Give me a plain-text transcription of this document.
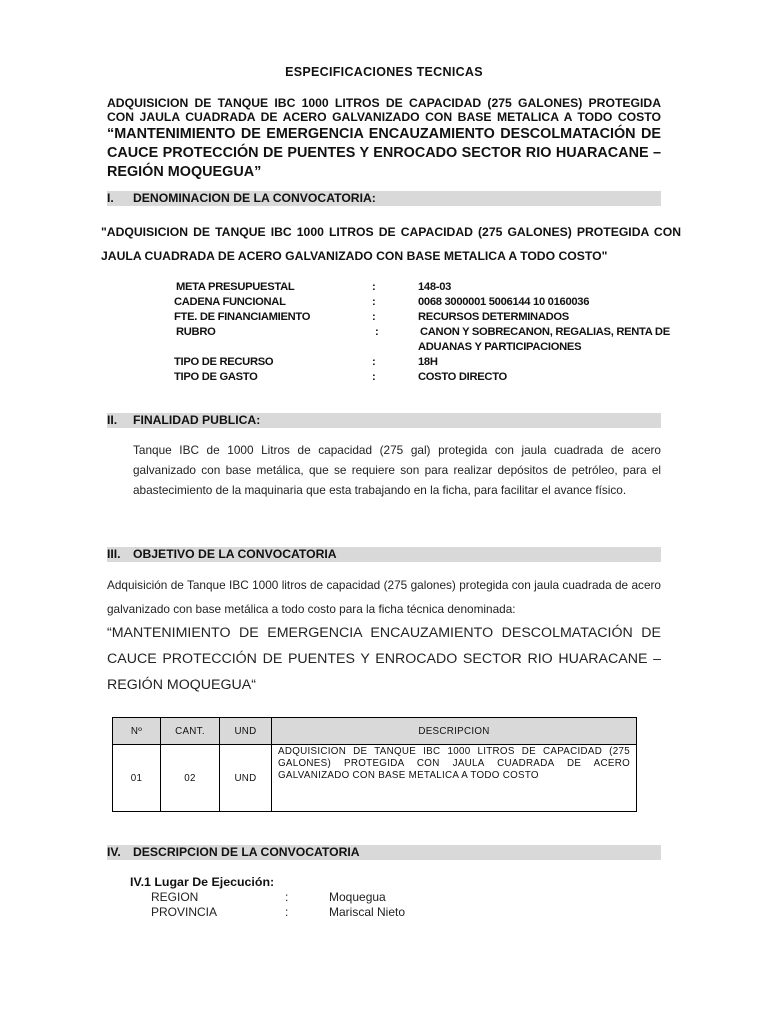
ESPECIFICACIONES TECNICAS
ADQUISICION DE TANQUE IBC 1000 LITROS DE CAPACIDAD (275 GALONES) PROTEGIDA
CON JAULA CUADRADA DE ACERO GALVANIZADO CON BASE METALICA A TODO COSTO
“MANTENIMIENTO DE EMERGENCIA ENCAUZAMIENTO DESCOLMATACIÓN DE CAUCE PROTECCIÓN DE PUENTES Y ENROCADO SECTOR RIO HUARACANE – REGIÓN MOQUEGUA”
I. DENOMINACION DE LA CONVOCATORIA:
"ADQUISICION DE TANQUE IBC 1000 LITROS DE CAPACIDAD (275 GALONES) PROTEGIDA CON JAULA CUADRADA DE ACERO GALVANIZADO CON BASE METALICA A TODO COSTO"
META PRESUPUESTAL	:	148-03
CADENA FUNCIONAL	:	0068 3000001 5006144 10 0160036
FTE. DE FINANCIAMIENTO	:	RECURSOS DETERMINADOS
RUBRO	:	CANON Y SOBRECANON, REGALIAS, RENTA DE
ADUANAS Y PARTICIPACIONES
TIPO DE RECURSO	:	18H
TIPO DE GASTO	:	COSTO DIRECTO
II. FINALIDAD PUBLICA:
Tanque IBC de 1000 Litros de capacidad (275 gal) protegida con jaula cuadrada de acero galvanizado con base metálica, que se requiere son para realizar depósitos de petróleo, para el abastecimiento de la maquinaria que esta trabajando en la ficha, para facilitar el avance físico.
III. OBJETIVO DE LA CONVOCATORIA
Adquisición de Tanque IBC 1000 litros de capacidad (275 galones) protegida con jaula cuadrada de acero galvanizado con base metálica a todo costo para la ficha técnica denominada:
“MANTENIMIENTO DE EMERGENCIA ENCAUZAMIENTO DESCOLMATACIÓN DE CAUCE PROTECCIÓN DE PUENTES Y ENROCADO SECTOR RIO HUARACANE – REGIÓN MOQUEGUA“
Nº	CANT.	UND	DESCRIPCION
01	02	UND	ADQUISICION DE TANQUE IBC 1000 LITROS DE CAPACIDAD (275 GALONES) PROTEGIDA CON JAULA CUADRADA DE ACERO GALVANIZADO CON BASE METALICA A TODO COSTO
IV. DESCRIPCION DE LA CONVOCATORIA
IV.1 Lugar De Ejecución:
REGION	:	Moquegua
PROVINCIA	:	Mariscal Nieto
